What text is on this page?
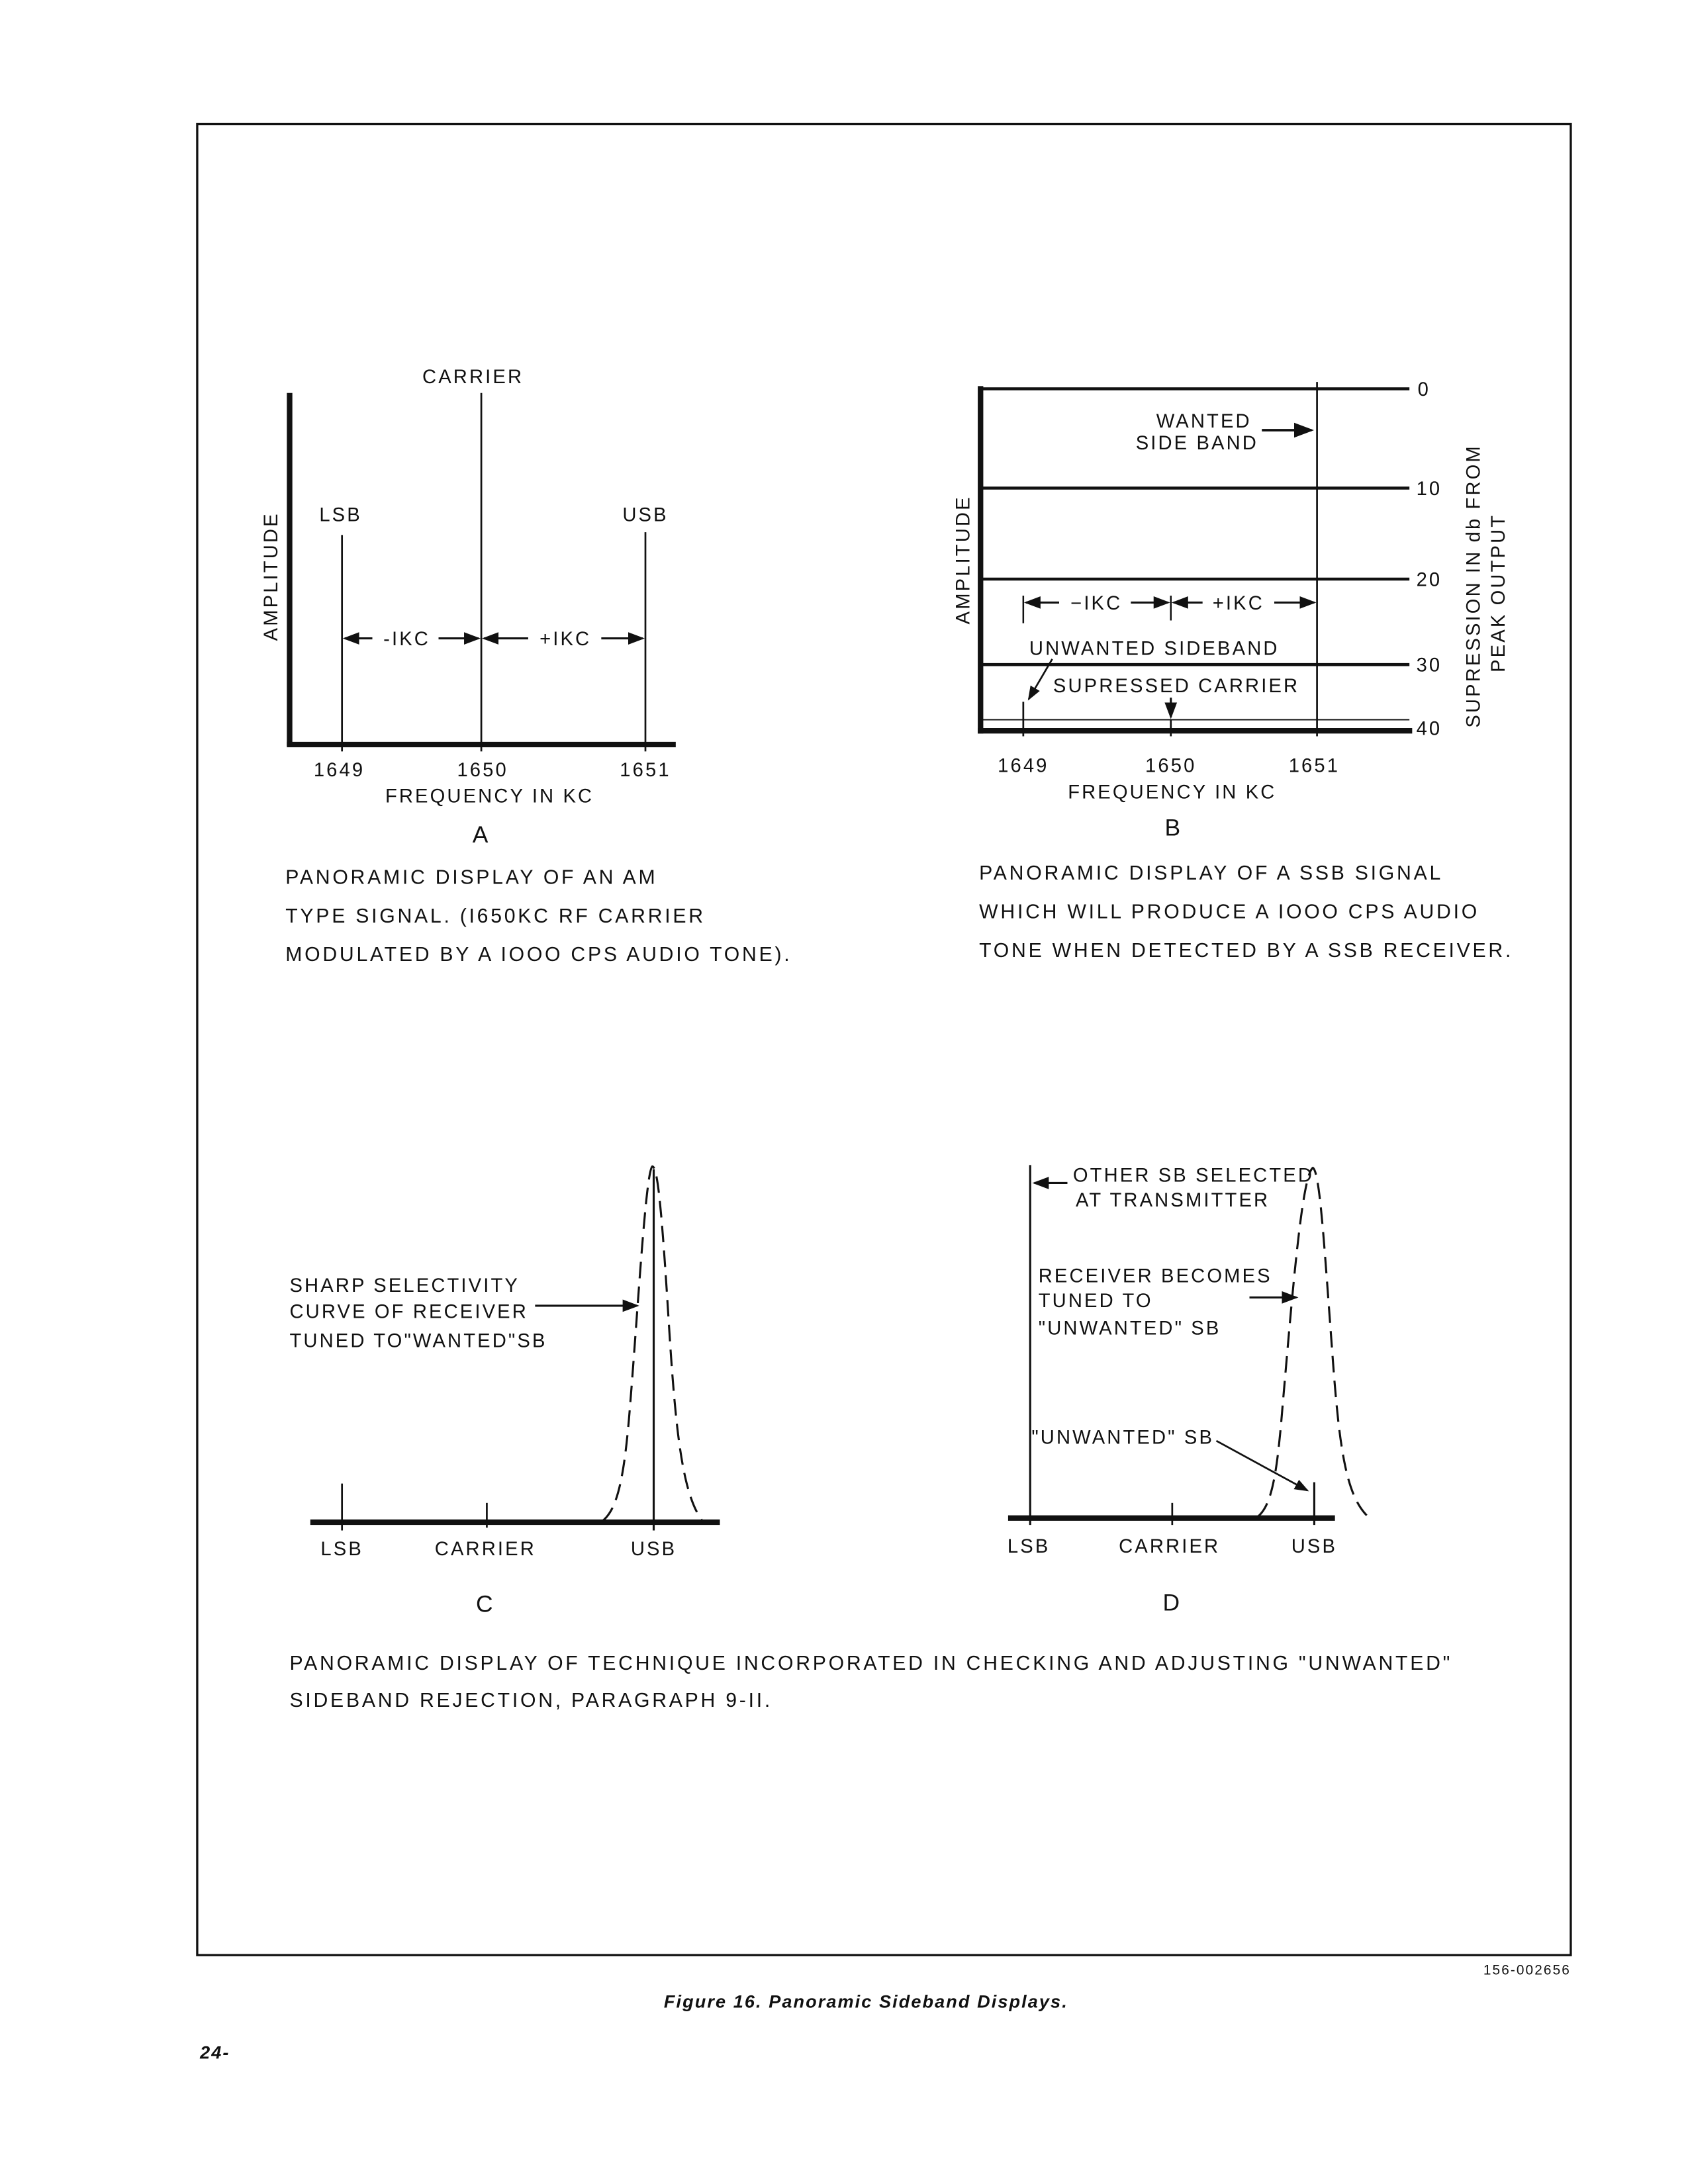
CARRIER
LSB	USB
AMPLITUDE	-IKC	+IKC
1649	1650	1651
FREQUENCY IN KC
A
PANORAMIC DISPLAY OF AN AM
TYPE SIGNAL. (I650KC RF CARRIER
MODULATED BY A IOOO CPS AUDIO TONE).
0
10
20
30
40
SUPRESSION IN db FROM PEAK OUTPUT
AMPLITUDE
WANTED
SIDE BAND
−IKC	+IKC
UNWANTED SIDEBAND
SUPRESSED CARRIER
1649	1650	1651
FREQUENCY IN KC
B
PANORAMIC DISPLAY OF A SSB SIGNAL
WHICH WILL PRODUCE A IOOO CPS AUDIO
TONE WHEN DETECTED BY A SSB RECEIVER.
SHARP SELECTIVITY
CURVE OF RECEIVER
TUNED TO"WANTED"SB
LSB	CARRIER	USB
C
OTHER SB SELECTED
AT TRANSMITTER
RECEIVER BECOMES
TUNED TO
"UNWANTED" SB
"UNWANTED" SB
LSB	CARRIER	USB
D
PANORAMIC DISPLAY OF TECHNIQUE INCORPORATED IN CHECKING AND ADJUSTING "UNWANTED"
SIDEBAND REJECTION, PARAGRAPH 9-II.
156-002656
Figure 16. Panoramic Sideband Displays.
24-
